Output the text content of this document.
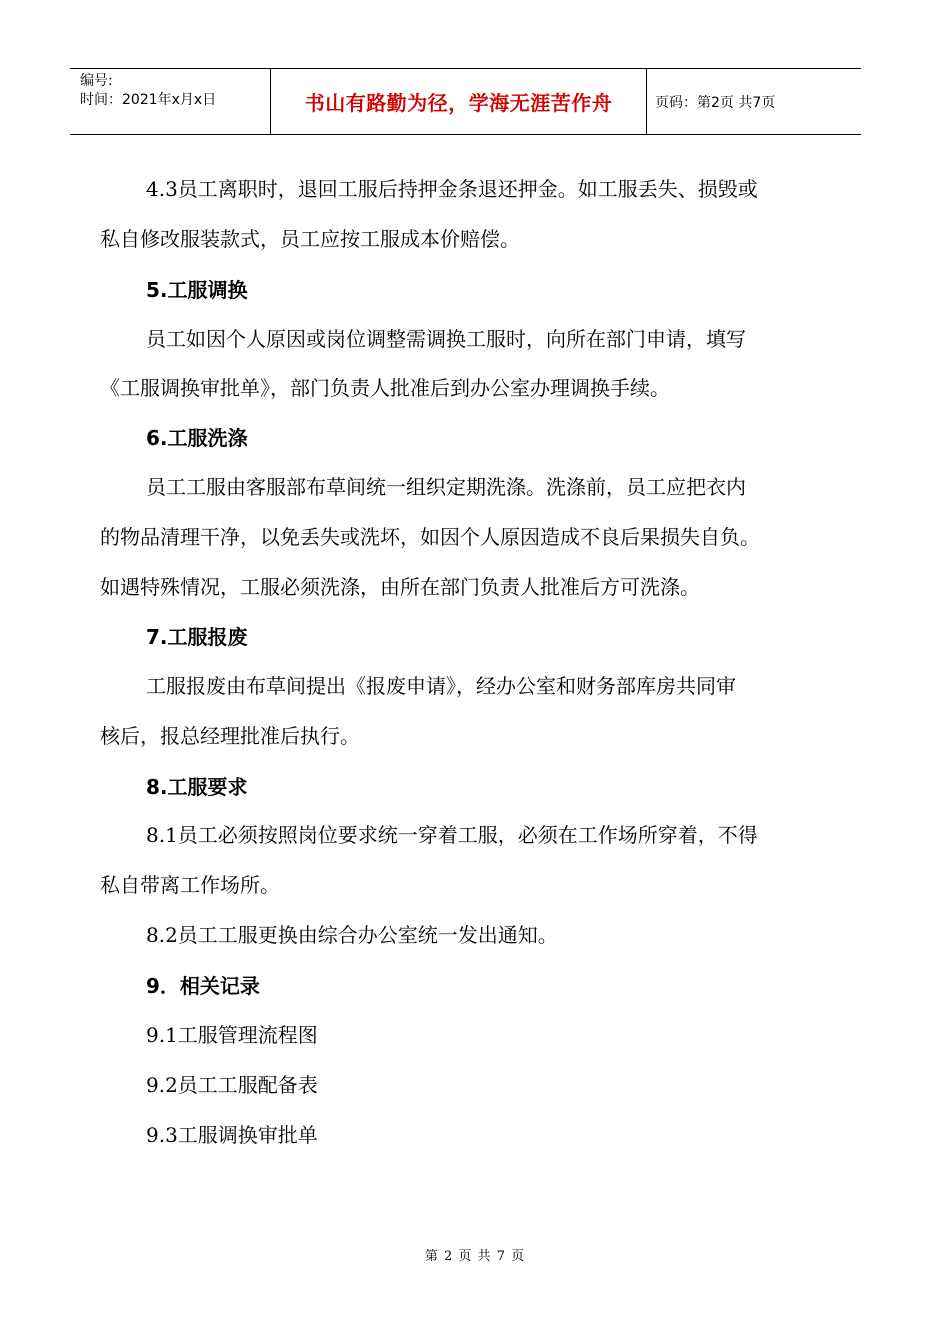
编号:
时间：2021年x月x日	书山有路勤为径，学海无涯苦作舟	页码：第2页 共7页
4.3员工离职时，退回工服后持押金条退还押金。如工服丢失、损毁或
私自修改服装款式，员工应按工服成本价赔偿。
5.工服调换
员工如因个人原因或岗位调整需调换工服时，向所在部门申请，填写
《工服调换审批单》，部门负责人批准后到办公室办理调换手续。
6.工服洗涤
员工工服由客服部布草间统一组织定期洗涤。洗涤前，员工应把衣内
的物品清理干净，以免丢失或洗坏，如因个人原因造成不良后果损失自负。
如遇特殊情况，工服必须洗涤，由所在部门负责人批准后方可洗涤。
7.工服报废
工服报废由布草间提出《报废申请》，经办公室和财务部库房共同审
核后，报总经理批准后执行。
8.工服要求
8.1员工必须按照岗位要求统一穿着工服，必须在工作场所穿着，不得
私自带离工作场所。
8.2员工工服更换由综合办公室统一发出通知。
9．相关记录
9.1工服管理流程图
9.2员工工服配备表
9.3工服调换审批单
第 2 页 共 7 页
